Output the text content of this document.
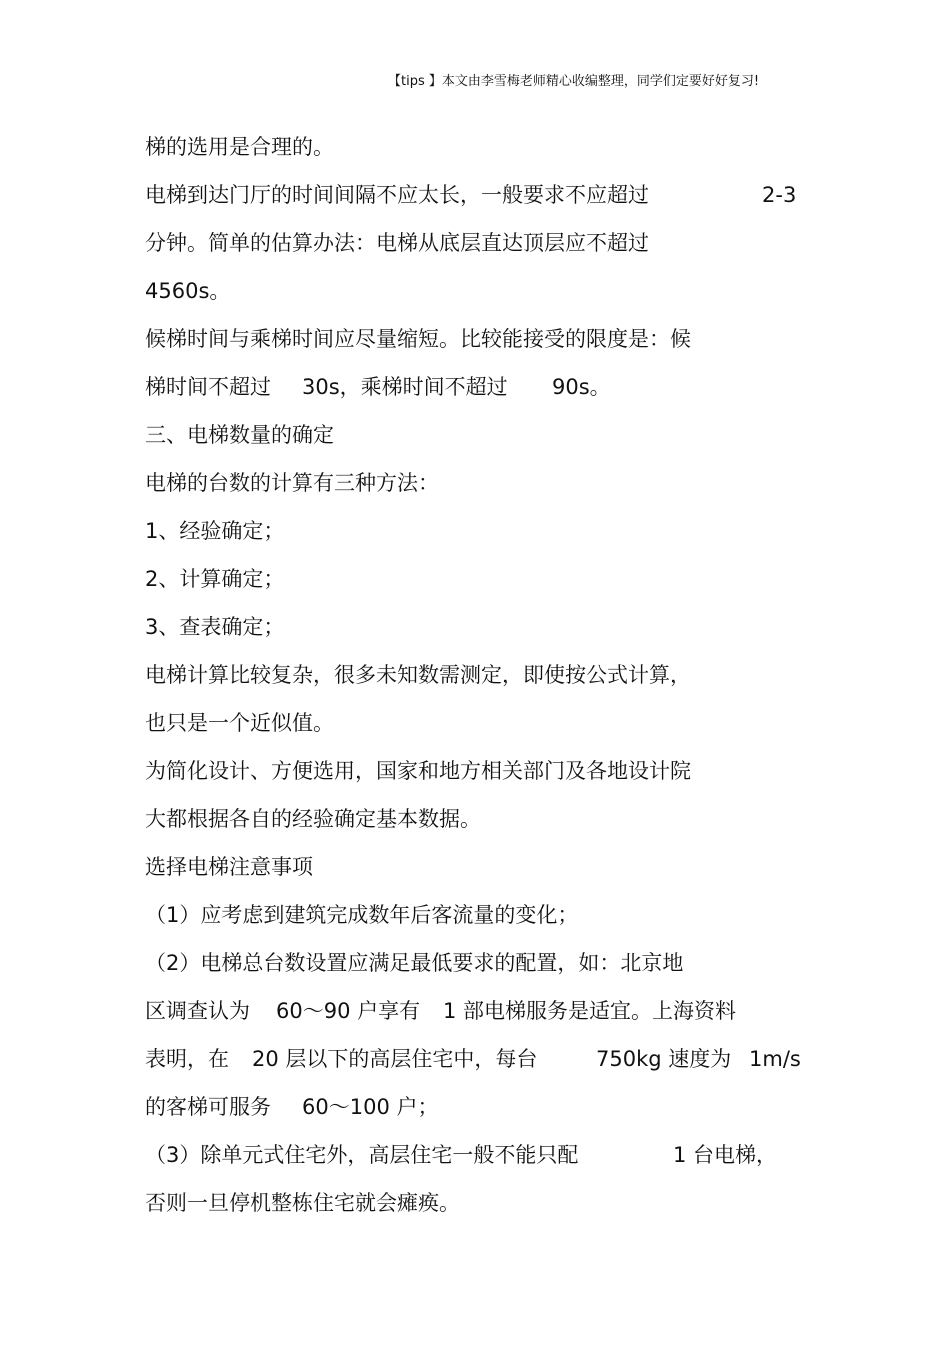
【tips 】本文由李雪梅老师精心收编整理，同学们定要好好复习!
梯的选用是合理的。
电梯到达门厅的时间间隔不应太长，一般要求不应超过	2-3
分钟。简单的估算办法：电梯从底层直达顶层应不超过
4560s。
候梯时间与乘梯时间应尽量缩短。比较能接受的限度是：候
梯时间不超过 30s，乘梯时间不超过 90s。
三、电梯数量的确定
电梯的台数的计算有三种方法：
1、经验确定；
2、计算确定；
3、查表确定；
电梯计算比较复杂，很多未知数需测定，即使按公式计算，
也只是一个近似值。
为简化设计、方便选用，国家和地方相关部门及各地设计院
大都根据各自的经验确定基本数据。
选择电梯注意事项
（1）应考虑到建筑完成数年后客流量的变化；
（2）电梯总台数设置应满足最低要求的配置，如：北京地
区调查认为 60～90 户享有 1 部电梯服务是适宜。上海资料
表明，在 20 层以下的高层住宅中，每台	750kg 速度为 1m/s
的客梯可服务 60～100 户；
（3）除单元式住宅外，高层住宅一般不能只配	1 台电梯，
否则一旦停机整栋住宅就会瘫痪。
